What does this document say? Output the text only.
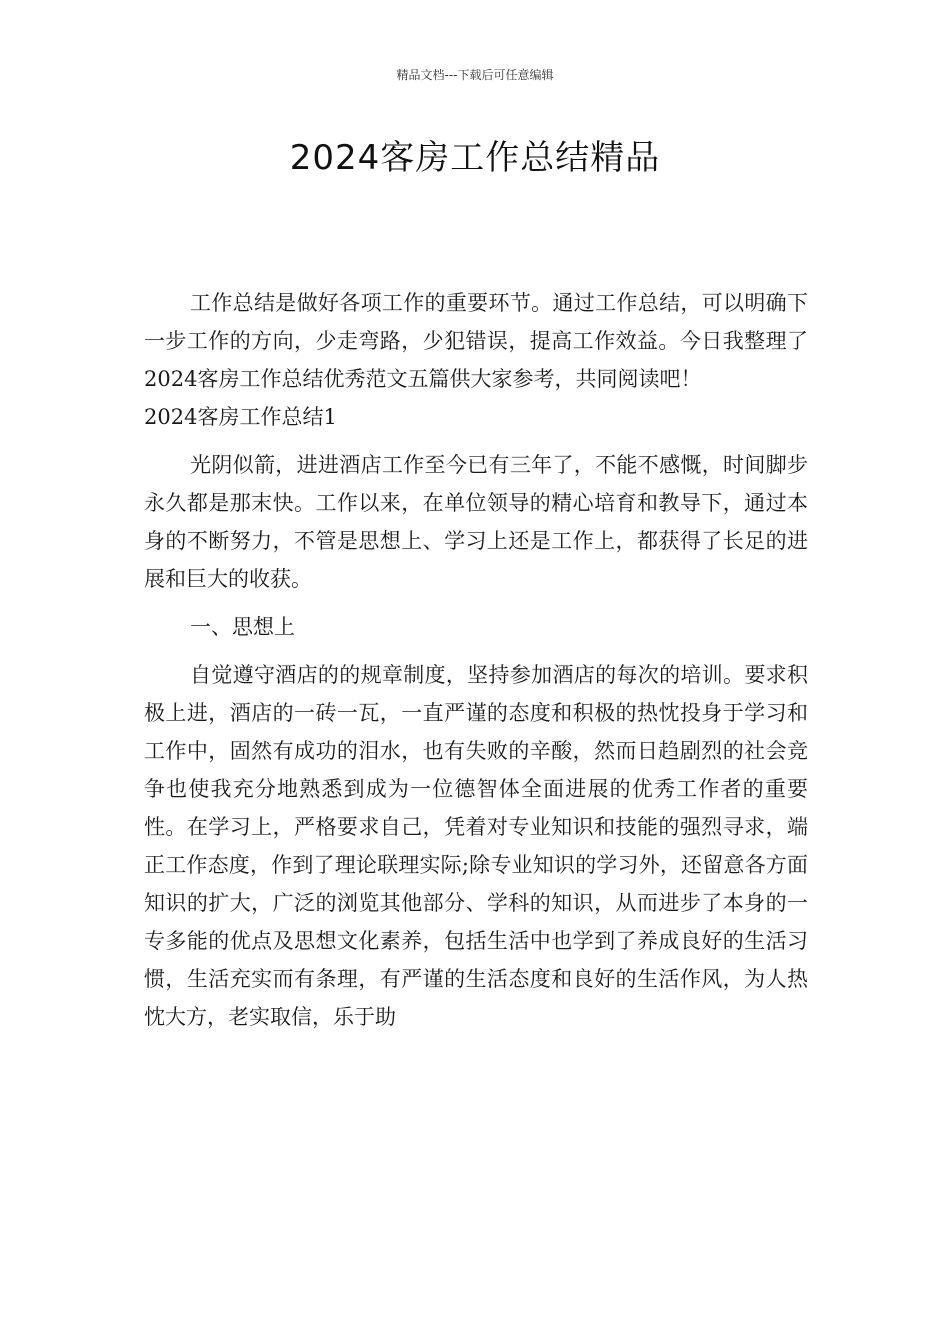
精品文档---下载后可任意编辑
2024客房工作总结精品

工作总结是做好各项工作的重要环节。通过工作总结，可以明确下一步工作的方向，少走弯路，少犯错误，提高工作效益。今日我整理了2024客房工作总结优秀范文五篇供大家参考，共同阅读吧！

2024客房工作总结1

光阴似箭，进进酒店工作至今已有三年了，不能不感慨，时间脚步永久都是那末快。工作以来，在单位领导的精心培育和教导下，通过本身的不断努力，不管是思想上、学习上还是工作上，都获得了长足的进展和巨大的收获。

一、思想上

自觉遵守酒店的的规章制度，坚持参加酒店的每次的培训。要求积极上进，酒店的一砖一瓦，一直严谨的态度和积极的热忱投身于学习和工作中，固然有成功的泪水，也有失败的辛酸，然而日趋剧烈的社会竞争也使我充分地熟悉到成为一位德智体全面进展的优秀工作者的重要性。在学习上，严格要求自己，凭着对专业知识和技能的强烈寻求，端正工作态度，作到了理论联理实际;除专业知识的学习外，还留意各方面知识的扩大，广泛的浏览其他部分、学科的知识，从而进步了本身的一专多能的优点及思想文化素养，包括生活中也学到了养成良好的生活习惯，生活充实而有条理，有严谨的生活态度和良好的生活作风，为人热忱大方，老实取信，乐于助
